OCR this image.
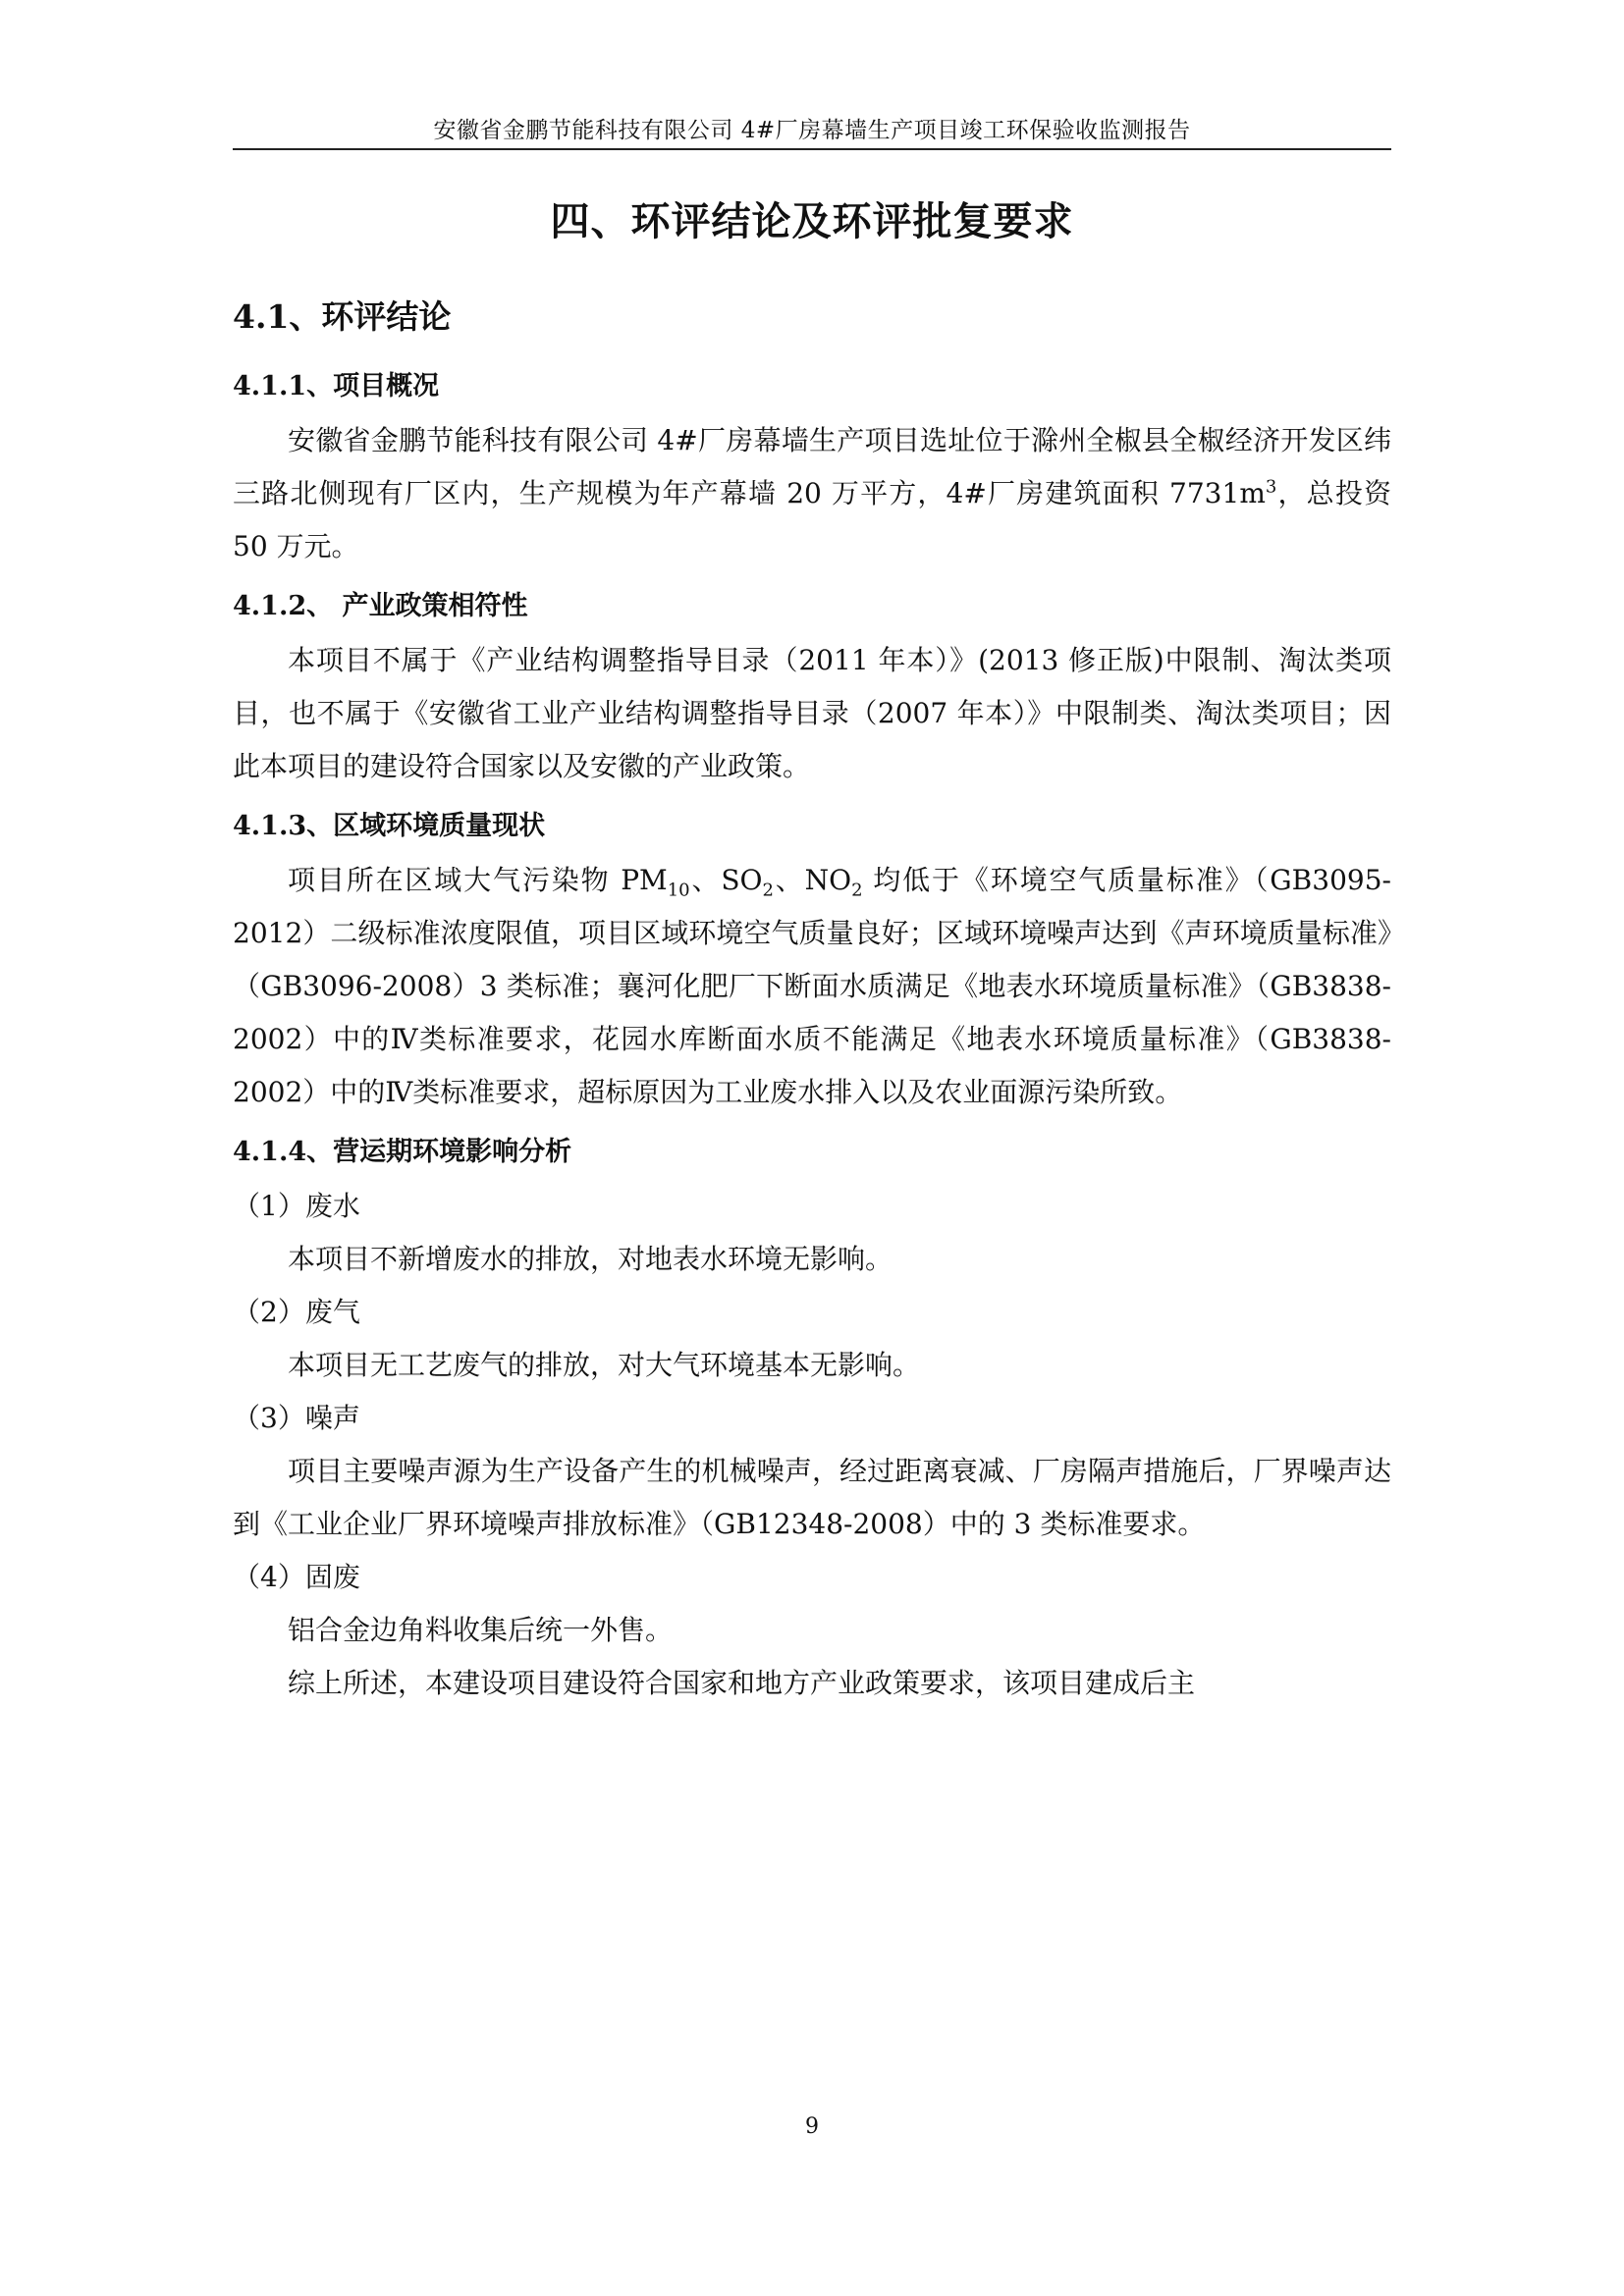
安徽省金鹏节能科技有限公司 4#厂房幕墙生产项目竣工环保验收监测报告
四、环评结论及环评批复要求
4.1、环评结论
4.1.1、项目概况

安徽省金鹏节能科技有限公司 4#厂房幕墙生产项目选址位于滁州全椒县全椒经济开发区纬三路北侧现有厂区内，生产规模为年产幕墙 20 万平方，4#厂房建筑面积 $7731m^3$，总投资 50 万元。

4.1.2、 产业政策相符性

本项目不属于《产业结构调整指导目录（2011 年本）》(2013 修正版)中限制、淘汰类项目，也不属于《安徽省工业产业结构调整指导目录（2007 年本）》中限制类、淘汰类项目；因此本项目的建设符合国家以及安徽的产业政策。

4.1.3、区域环境质量现状

项目所在区域大气污染物 $PM_{10}$、$SO_2$、$NO_2$ 均低于《环境空气质量标准》（GB3095-2012）二级标准浓度限值，项目区域环境空气质量良好；区域环境噪声达到《声环境质量标准》（GB3096-2008）3 类标准；襄河化肥厂下断面水质满足《地表水环境质量标准》（GB3838-2002）中的Ⅳ类标准要求，花园水库断面水质不能满足《地表水环境质量标准》（GB3838-2002）中的Ⅳ类标准要求，超标原因为工业废水排入以及农业面源污染所致。

4.1.4、营运期环境影响分析

（1）废水

本项目不新增废水的排放，对地表水环境无影响。

（2）废气

本项目无工艺废气的排放，对大气环境基本无影响。

（3）噪声

项目主要噪声源为生产设备产生的机械噪声，经过距离衰减、厂房隔声措施后，厂界噪声达到《工业企业厂界环境噪声排放标准》（GB12348-2008）中的 3 类标准要求。

（4）固废

铝合金边角料收集后统一外售。

综上所述，本建设项目建设符合国家和地方产业政策要求，该项目建成后主

9
